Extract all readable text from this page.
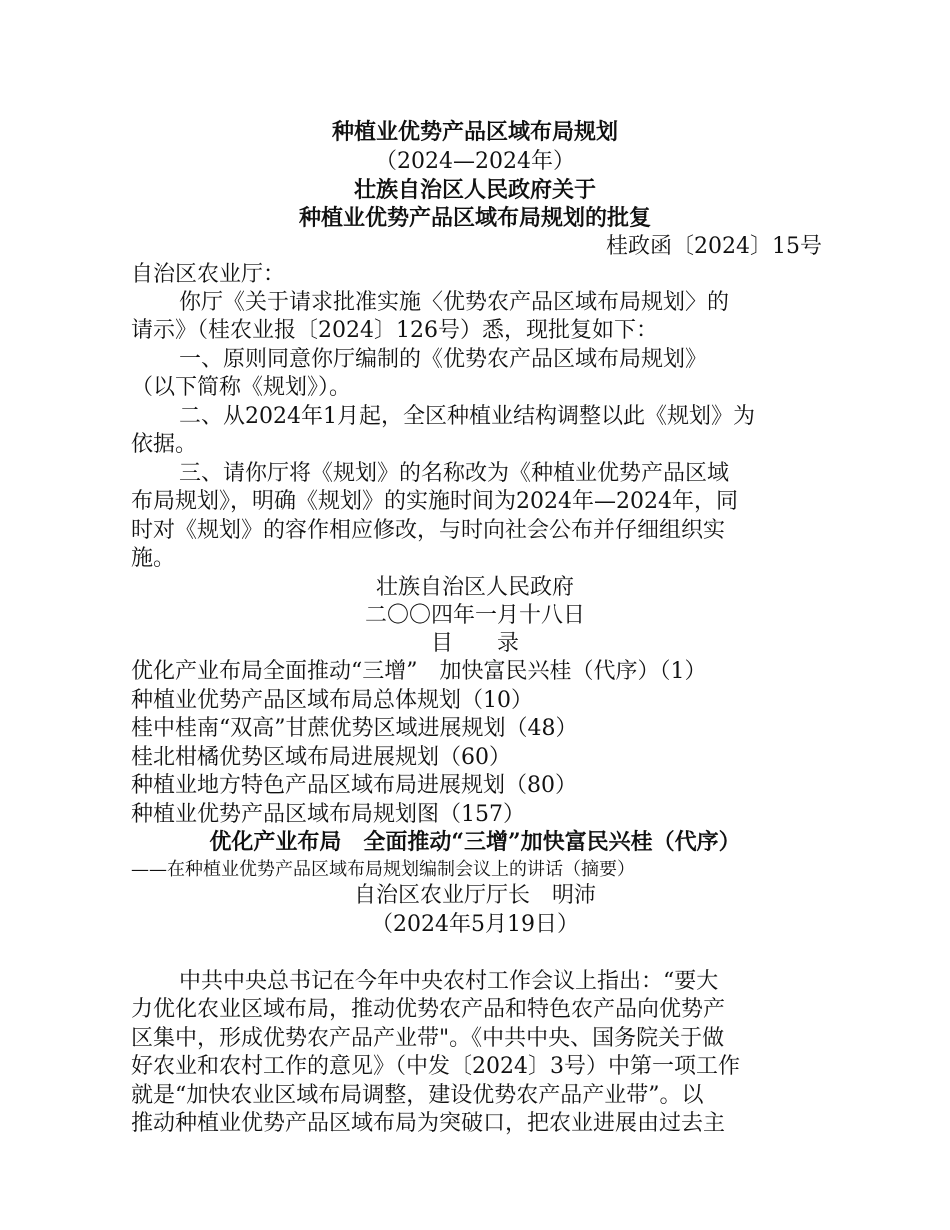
种植业优势产品区域布局规划
（2024—2024年）
壮族自治区人民政府关于
种植业优势产品区域布局规划的批复
桂政函〔2024〕15号
自治区农业厅：
你厅《关于请求批准实施〈优势农产品区域布局规划〉的
请示》（桂农业报〔2024〕126号）悉，现批复如下：
一、原则同意你厅编制的《优势农产品区域布局规划》
（以下简称《规划》）。
二、从2024年1月起，全区种植业结构调整以此《规划》为
依据。
三、请你厅将《规划》的名称改为《种植业优势产品区域
布局规划》，明确《规划》的实施时间为2024年—2024年，同
时对《规划》的容作相应修改，与时向社会公布并仔细组织实
施。
壮族自治区人民政府
二〇〇四年一月十八日
目　　录
优化产业布局全面推动“三增”　加快富民兴桂（代序）（1）
种植业优势产品区域布局总体规划（10）
桂中桂南“双高”甘蔗优势区域进展规划（48）
桂北柑橘优势区域布局进展规划（60）
种植业地方特色产品区域布局进展规划（80）
种植业优势产品区域布局规划图（157）
优化产业布局　全面推动“三增”加快富民兴桂（代序）
——在种植业优势产品区域布局规划编制会议上的讲话（摘要）
自治区农业厅厅长　明沛
（2024年5月19日）
中共中央总书记在今年中央农村工作会议上指出：“要大
力优化农业区域布局，推动优势农产品和特色农产品向优势产
区集中，形成优势农产品产业带"。《中共中央、国务院关于做
好农业和农村工作的意见》（中发〔2024〕3号）中第一项工作
就是“加快农业区域布局调整，建设优势农产品产业带”。以
推动种植业优势产品区域布局为突破口，把农业进展由过去主
